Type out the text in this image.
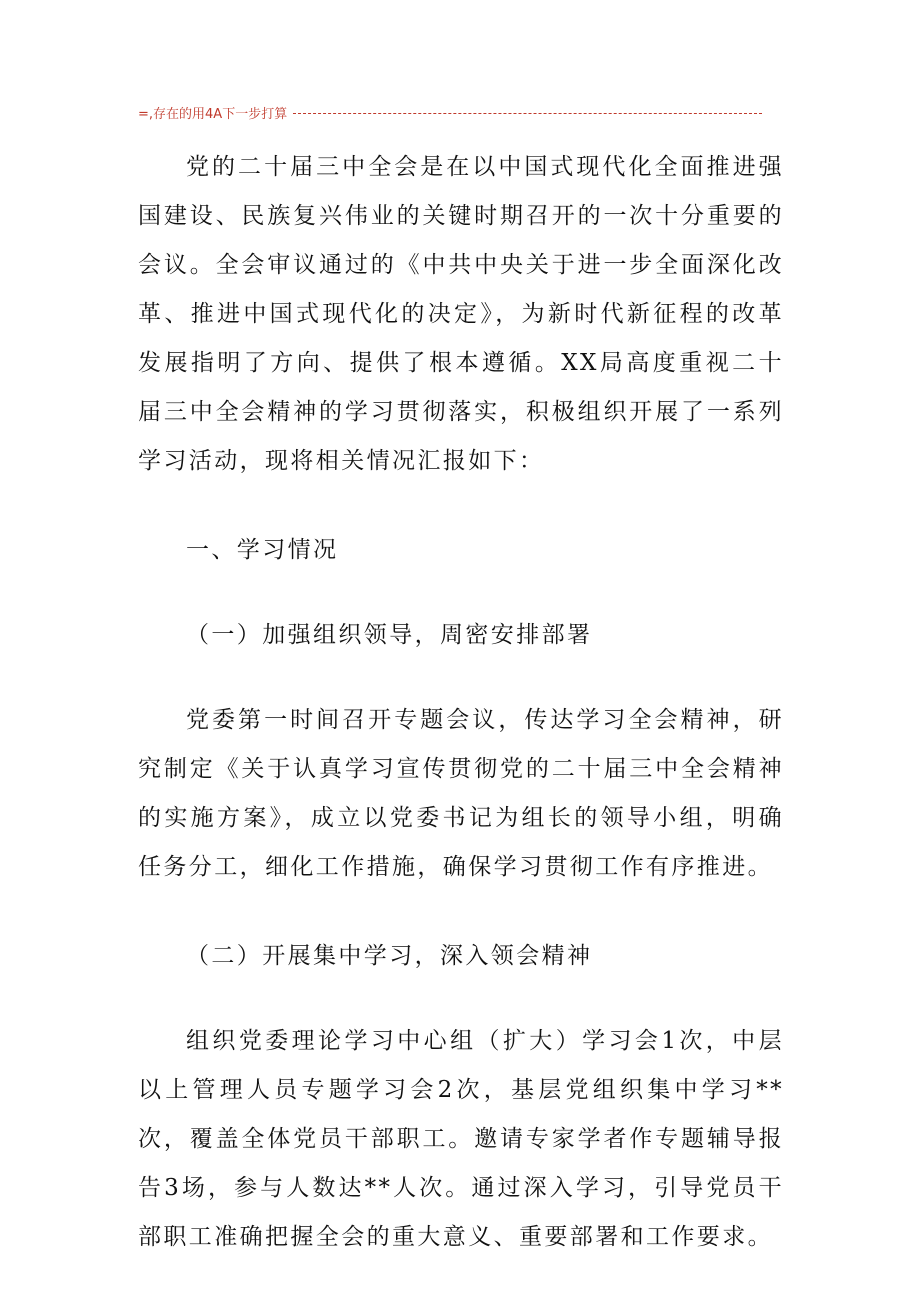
=,存在的用4A下一步打算

党的二十届三中全会是在以中国式现代化全面推进强国建设、民族复兴伟业的关键时期召开的一次十分重要的会议。全会审议通过的《中共中央关于进一步全面深化改革、推进中国式现代化的决定》，为新时代新征程的改革发展指明了方向、提供了根本遵循。XX局高度重视二十届三中全会精神的学习贯彻落实，积极组织开展了一系列学习活动，现将相关情况汇报如下：

一、学习情况

（一）加强组织领导，周密安排部署

党委第一时间召开专题会议，传达学习全会精神，研究制定《关于认真学习宣传贯彻党的二十届三中全会精神的实施方案》，成立以党委书记为组长的领导小组，明确任务分工，细化工作措施，确保学习贯彻工作有序推进。

（二）开展集中学习，深入领会精神

组织党委理论学习中心组（扩大）学习会1次，中层以上管理人员专题学习会2次，基层党组织集中学习**次，覆盖全体党员干部职工。邀请专家学者作专题辅导报告3场，参与人数达**人次。通过深入学习，引导党员干部职工准确把握全会的重大意义、重要部署和工作要求。
